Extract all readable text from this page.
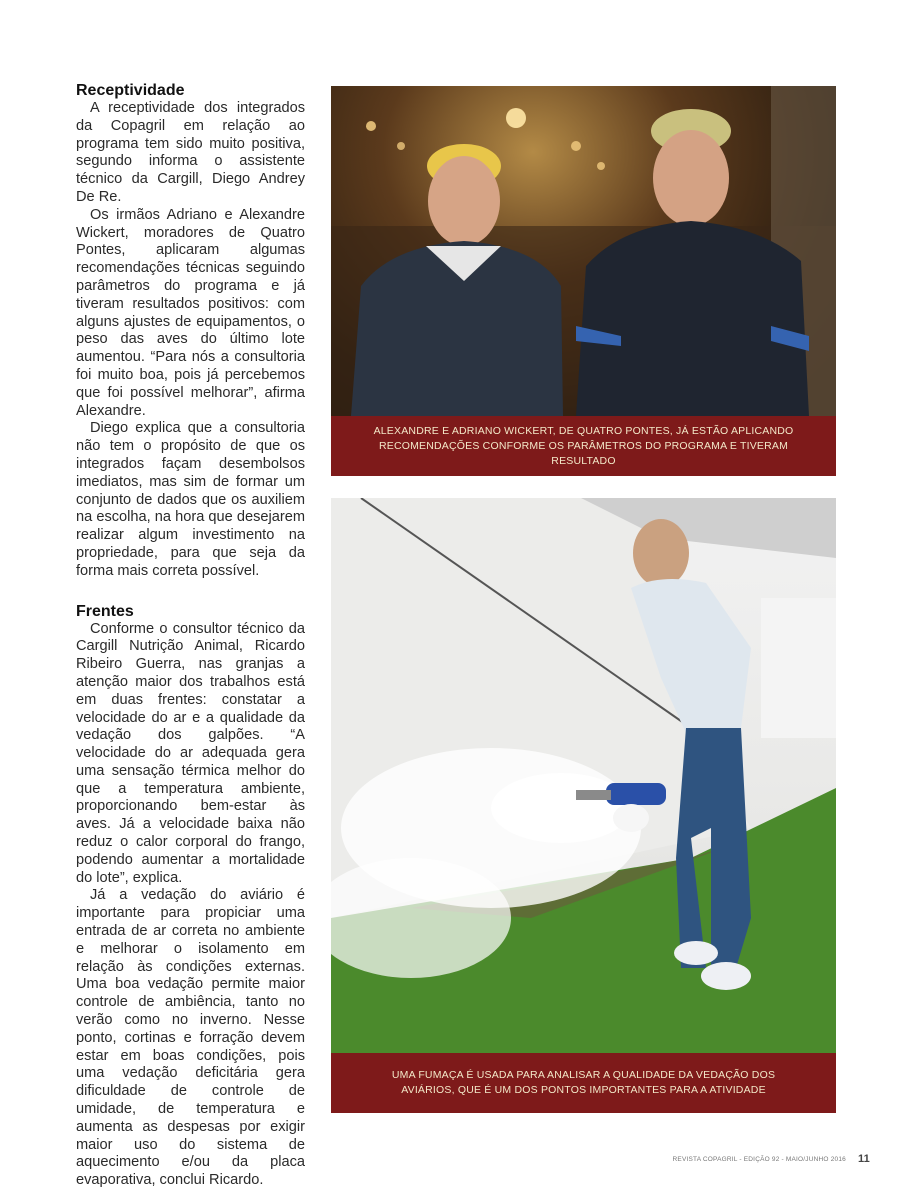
Receptividade

A receptividade dos integrados da Copagril em relação ao programa tem sido muito positiva, segundo informa o assistente técnico da Cargill, Diego Andrey De Re.

Os irmãos Adriano e Alexandre Wickert, moradores de Quatro Pontes, aplicaram algumas recomendações técnicas seguindo parâmetros do programa e já tiveram resultados positivos: com alguns ajustes de equipamentos, o peso das aves do último lote aumentou. “Para nós a consultoria foi muito boa, pois já percebemos que foi possível melhorar”, afirma Alexandre.

Diego explica que a consultoria não tem o propósito de que os integrados façam desembolsos imediatos, mas sim de formar um conjunto de dados que os auxiliem na escolha, na hora que desejarem realizar algum investimento na propriedade, para que seja da forma mais correta possível.

Frentes

Conforme o consultor técnico da Cargill Nutrição Animal, Ricardo Ribeiro Guerra, nas granjas a atenção maior dos trabalhos está em duas frentes: constatar a velocidade do ar e a qualidade da vedação dos galpões. “A velocidade do ar adequada gera uma sensação térmica melhor do que a temperatura ambiente, proporcionando bem-estar às aves. Já a velocidade baixa não reduz o calor corporal do frango, podendo aumentar a mortalidade do lote”, explica.

Já a vedação do aviário é importante para propiciar uma entrada de ar correta no ambiente e melhorar o isolamento em relação às condições externas. Uma boa vedação permite maior controle de ambiência, tanto no verão como no inverno. Nesse ponto, cortinas e forração devem estar em boas condições, pois uma vedação deficitária gera dificuldade de controle de umidade, de temperatura e aumenta as despesas por exigir maior uso do sistema de aquecimento e/ou da placa evaporativa, conclui Ricardo.

ALEXANDRE E ADRIANO WICKERT, DE QUATRO PONTES, JÁ ESTÃO APLICANDO RECOMENDAÇÕES CONFORME OS PARÂMETROS DO PROGRAMA E TIVERAM RESULTADO
UMA FUMAÇA É USADA PARA ANALISAR A QUALIDADE DA VEDAÇÃO DOS AVIÁRIOS, QUE É UM DOS PONTOS IMPORTANTES PARA A ATIVIDADE
REVISTA COPAGRIL - EDIÇÃO 92 - MAIO/JUNHO 2016 11
